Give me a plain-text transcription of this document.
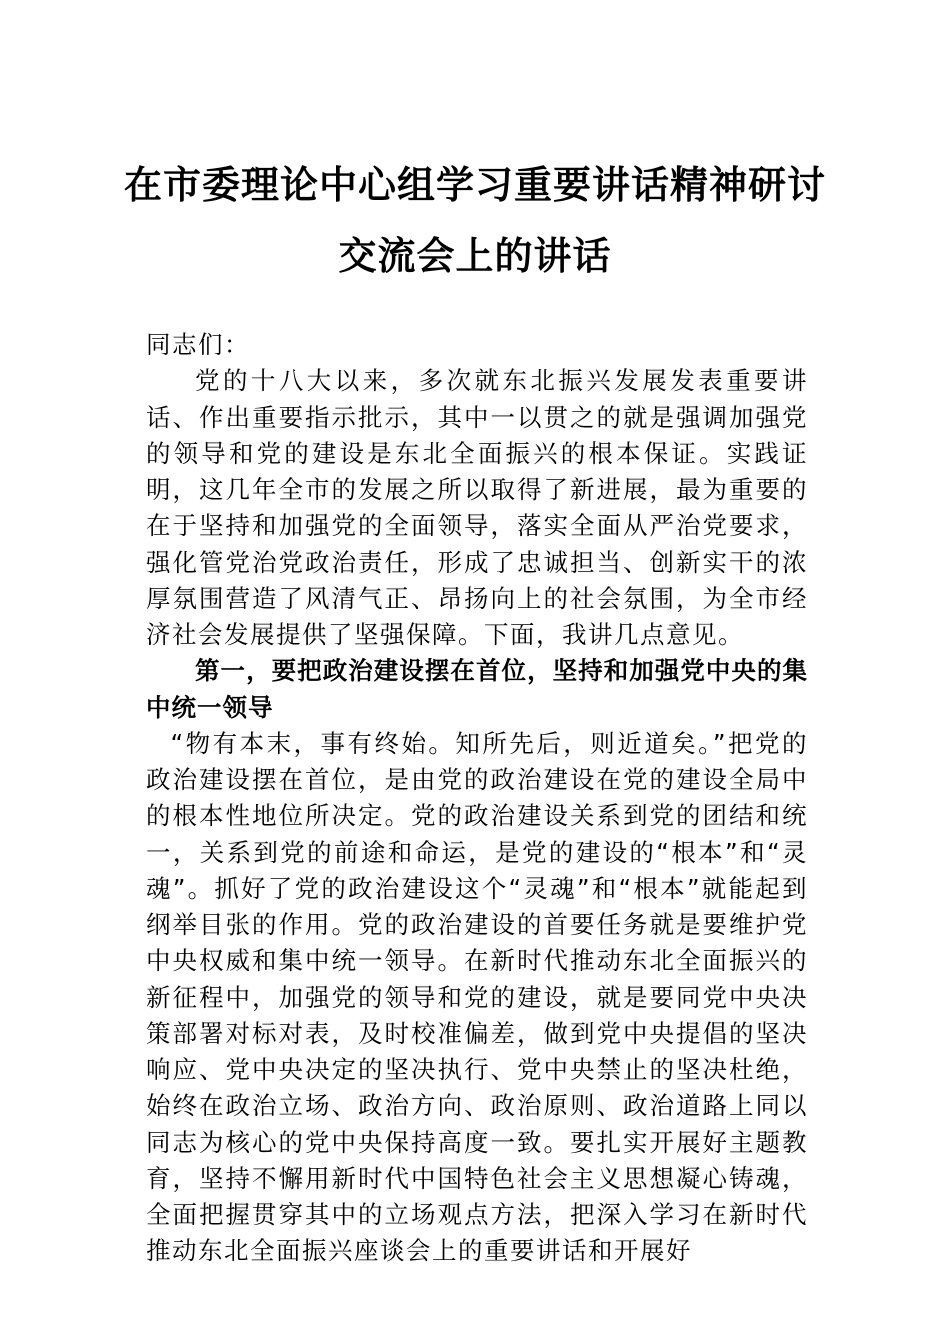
在市委理论中心组学习重要讲话精神研讨
交流会上的讲话

同志们：

党的十八大以来，多次就东北振兴发展发表重要讲话、作出重要指示批示，其中一以贯之的就是强调加强党的领导和党的建设是东北全面振兴的根本保证。实践证明，这几年全市的发展之所以取得了新进展，最为重要的在于坚持和加强党的全面领导，落实全面从严治党要求，强化管党治党政治责任，形成了忠诚担当、创新实干的浓厚氛围营造了风清气正、昂扬向上的社会氛围，为全市经济社会发展提供了坚强保障。下面，我讲几点意见。

第一，要把政治建设摆在首位，坚持和加强党中央的集中统一领导

“物有本末，事有终始。知所先后，则近道矣。”把党的政治建设摆在首位，是由党的政治建设在党的建设全局中的根本性地位所决定。党的政治建设关系到党的团结和统一，关系到党的前途和命运，是党的建设的“根本”和“灵魂”。抓好了党的政治建设这个“灵魂”和“根本”就能起到纲举目张的作用。党的政治建设的首要任务就是要维护党中央权威和集中统一领导。在新时代推动东北全面振兴的新征程中，加强党的领导和党的建设，就是要同党中央决策部署对标对表，及时校准偏差，做到党中央提倡的坚决响应、党中央决定的坚决执行、党中央禁止的坚决杜绝，始终在政治立场、政治方向、政治原则、政治道路上同以同志为核心的党中央保持高度一致。要扎实开展好主题教育，坚持不懈用新时代中国特色社会主义思想凝心铸魂，全面把握贯穿其中的立场观点方法，把深入学习在新时代推动东北全面振兴座谈会上的重要讲话和开展好
